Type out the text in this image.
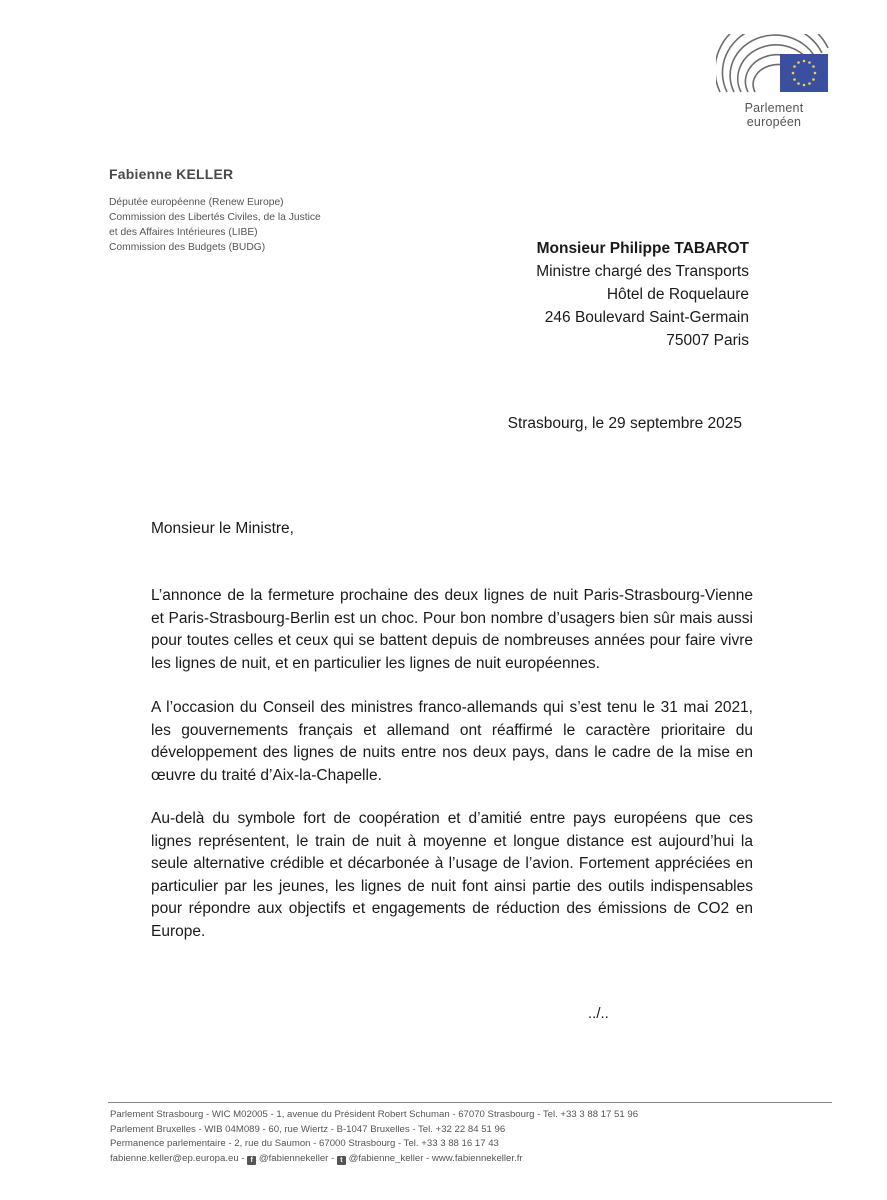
Parlement européen
Fabienne KELLER
Députée européenne (Renew Europe)
Commission des Libertés Civiles, de la Justice
et des Affaires Intérieures (LIBE)
Commission des Budgets (BUDG)	Monsieur Philippe TABAROT
Ministre chargé des Transports
Hôtel de Roquelaure
246 Boulevard Saint-Germain
75007 Paris
Strasbourg, le 29 septembre 2025
Monsieur le Ministre,
L’annonce de la fermeture prochaine des deux lignes de nuit Paris-Strasbourg-Vienne et Paris-Strasbourg-Berlin est un choc. Pour bon nombre d’usagers bien sûr mais aussi pour toutes celles et ceux qui se battent depuis de nombreuses années pour faire vivre les lignes de nuit, et en particulier les lignes de nuit européennes.
A l’occasion du Conseil des ministres franco-allemands qui s’est tenu le 31 mai 2021, les gouvernements français et allemand ont réaffirmé le caractère prioritaire du développement des lignes de nuits entre nos deux pays, dans le cadre de la mise en œuvre du traité d’Aix-la-Chapelle.
Au-delà du symbole fort de coopération et d’amitié entre pays européens que ces lignes représentent, le train de nuit à moyenne et longue distance est aujourd’hui la seule alternative crédible et décarbonée à l’usage de l’avion. Fortement appréciées en particulier par les jeunes, les lignes de nuit font ainsi partie des outils indispensables pour répondre aux objectifs et engagements de réduction des émissions de CO2 en Europe.
../..
Parlement Strasbourg - WIC M02005 - 1, avenue du Président Robert Schuman - 67070 Strasbourg - Tel. +33 3 88 17 51 96
Parlement Bruxelles - WIB 04M089 - 60, rue Wiertz - B-1047 Bruxelles - Tel. +32 22 84 51 96
Permanence parlementaire - 2, rue du Saumon - 67000 Strasbourg - Tel. +33 3 88 16 17 43
fabienne.keller@ep.europa.eu - f @fabiennekeller - t @fabienne_keller - www.fabiennekeller.fr
